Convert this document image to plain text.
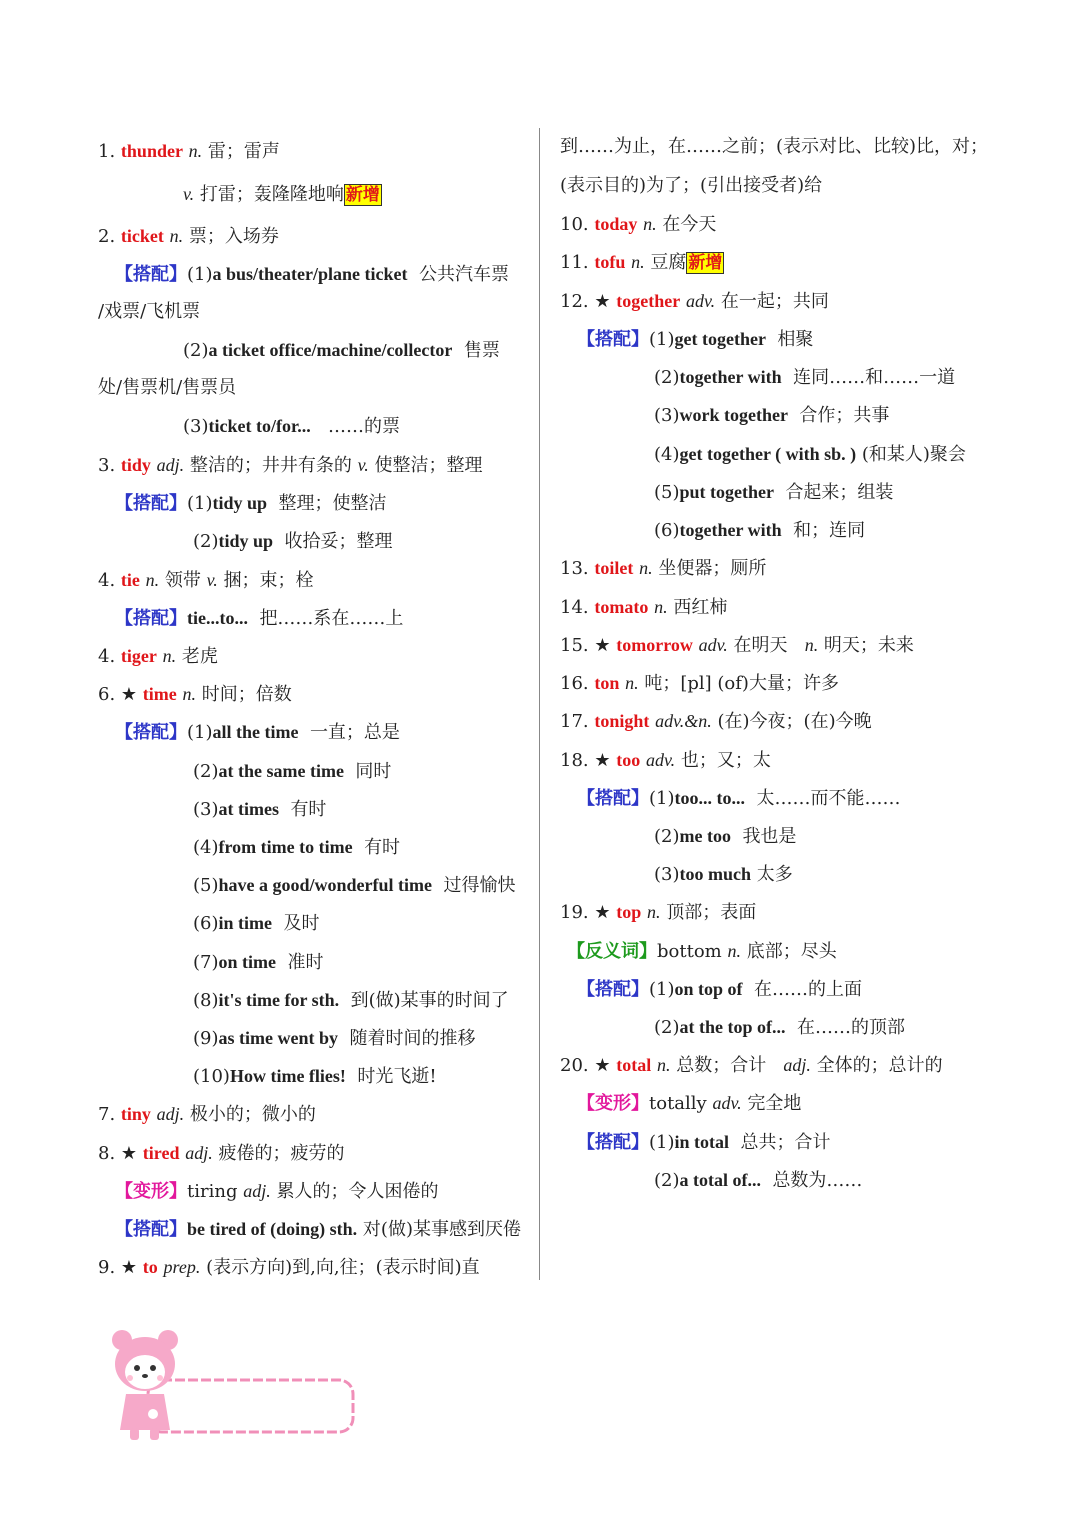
1. thunder n. 雷；雷声
v. 打雷；轰隆隆地响 新增
2. ticket n. 票；入场券
【搭配】(1)a bus/theater/plane ticket 公共汽车票
/戏票/飞机票
(2)a ticket office/machine/collector 售票
处/售票机/售票员
(3)ticket to/for... ……的票
3. tidy adj. 整洁的；井井有条的 v. 使整洁；整理
【搭配】(1)tidy up 整理；使整洁
(2)tidy up 收拾妥；整理
4. tie n. 领带 v. 捆；束；栓
【搭配】tie...to... 把……系在……上
4. tiger n. 老虎
6. ★ time n. 时间；倍数
【搭配】(1)all the time 一直；总是
(2)at the same time 同时
(3)at times 有时
(4)from time to time 有时
(5)have a good/wonderful time 过得愉快
(6)in time 及时
(7)on time 准时
(8)it's time for sth. 到(做)某事的时间了
(9)as time went by 随着时间的推移
(10)How time flies! 时光飞逝!
7. tiny adj. 极小的；微小的
8. ★ tired adj. 疲倦的；疲劳的
【变形】tiring adj. 累人的；令人困倦的
【搭配】be tired of (doing) sth. 对(做)某事感到厌倦
9. ★ to prep. (表示方向)到,向,往；(表示时间)直
到……为止，在……之前；(表示对比、比较)比，对；
(表示目的)为了；(引出接受者)给
10. today n. 在今天
11. tofu n. 豆腐 新增
12. ★ together adv. 在一起；共同
【搭配】(1)get together 相聚
(2)together with 连同……和……一道
(3)work together 合作；共事
(4)get together ( with sb. ) (和某人)聚会
(5)put together 合起来；组装
(6)together with 和；连同
13. toilet n. 坐便器；厕所
14. tomato n. 西红柿
15. ★ tomorrow adv. 在明天 n. 明天；未来
16. ton n. 吨；[pl] (of)大量；许多
17. tonight adv.&n. (在)今夜；(在)今晚
18. ★ too adv. 也；又；太
【搭配】(1)too... to... 太……而不能……
(2)me too 我也是
(3)too much 太多
19. ★ top n. 顶部；表面
【反义词】bottom n. 底部；尽头
【搭配】(1)on top of 在……的上面
(2)at the top of... 在……的顶部
20. ★ total n. 总数；合计 adj. 全体的；总计的
【变形】totally adv. 完全地
【搭配】(1)in total 总共；合计
(2)a total of... 总数为……
